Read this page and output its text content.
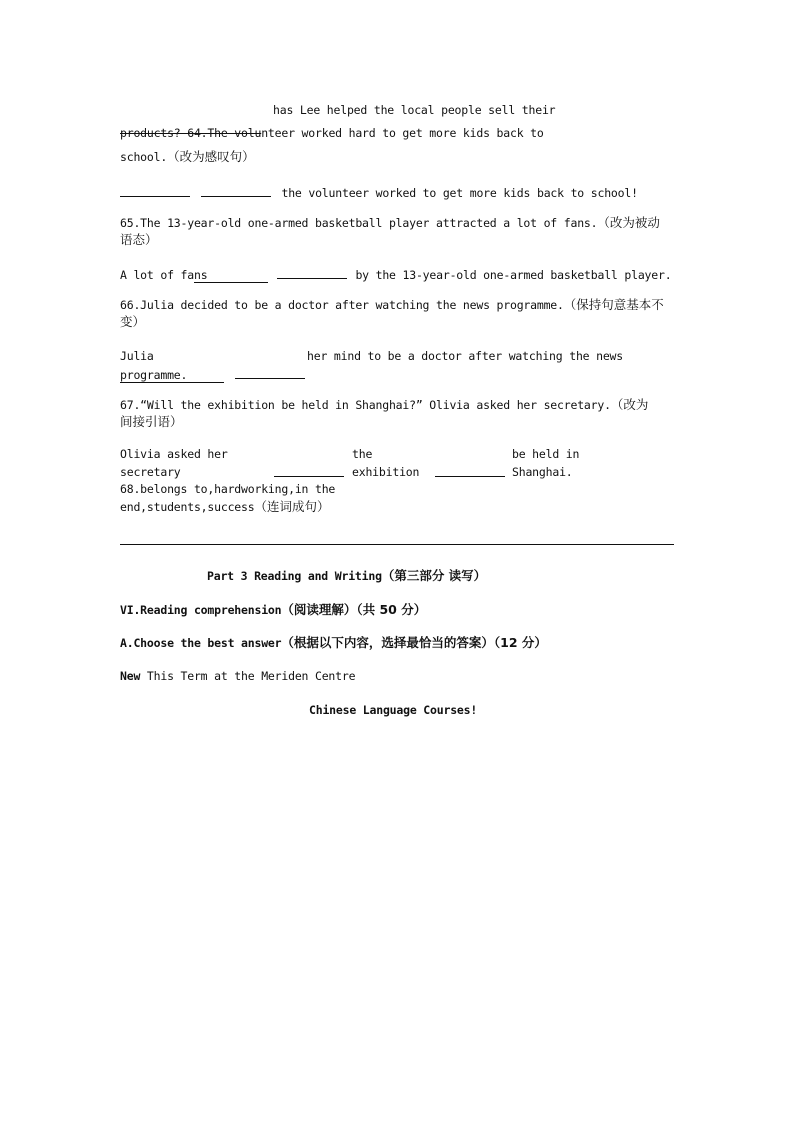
has Lee helped the local people sell their
products? 64.The volunteer worked hard to get more kids back to
school.（改为感叹句）
the volunteer worked to get more kids back to school!
65.The 13-year-old one-armed basketball player attracted a lot of fans.（改为被动
语态）
A lot of fans	by the 13-year-old one-armed basketball player.
66.Julia decided to be a doctor after watching the news programme.（保持句意基本不
变）
Julia	her mind to be a doctor after watching the news
programme.
67.“Will the exhibition be held in Shanghai?” Olivia asked her secretary.（改为
间接引语）
Olivia asked her
secretary
the
exhibition
be held in
Shanghai.
68.belongs to,hardworking,in the
end,students,success（连词成句）
Part 3 Reading and Writing（第三部分 读写）
VI.Reading comprehension（阅读理解）（共 50 分）
A.Choose the best answer（根据以下内容，选择最恰当的答案）（12 分）
New This Term at the Meriden Centre
Chinese Language Courses!
